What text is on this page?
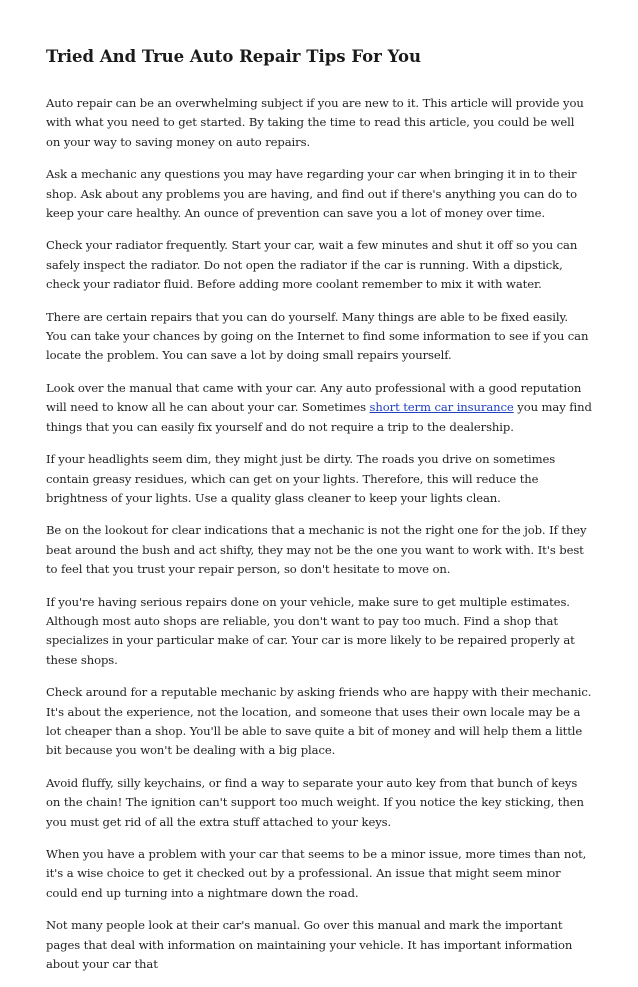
Tried And True Auto Repair Tips For You

Auto repair can be an overwhelming subject if you are new to it. This article will provide you with what you need to get started. By taking the time to read this article, you could be well on your way to saving money on auto repairs.

Ask a mechanic any questions you may have regarding your car when bringing it in to their shop. Ask about any problems you are having, and find out if there's anything you can do to keep your care healthy. An ounce of prevention can save you a lot of money over time.

Check your radiator frequently. Start your car, wait a few minutes and shut it off so you can safely inspect the radiator. Do not open the radiator if the car is running. With a dipstick, check your radiator fluid. Before adding more coolant remember to mix it with water.

There are certain repairs that you can do yourself. Many things are able to be fixed easily. You can take your chances by going on the Internet to find some information to see if you can locate the problem. You can save a lot by doing small repairs yourself.

Look over the manual that came with your car. Any auto professional with a good reputation will need to know all he can about your car. Sometimes short term car insurance you may find things that you can easily fix yourself and do not require a trip to the dealership.

If your headlights seem dim, they might just be dirty. The roads you drive on sometimes contain greasy residues, which can get on your lights. Therefore, this will reduce the brightness of your lights. Use a quality glass cleaner to keep your lights clean.

Be on the lookout for clear indications that a mechanic is not the right one for the job. If they beat around the bush and act shifty, they may not be the one you want to work with. It's best to feel that you trust your repair person, so don't hesitate to move on.

If you're having serious repairs done on your vehicle, make sure to get multiple estimates. Although most auto shops are reliable, you don't want to pay too much. Find a shop that specializes in your particular make of car. Your car is more likely to be repaired properly at these shops.

Check around for a reputable mechanic by asking friends who are happy with their mechanic. It's about the experience, not the location, and someone that uses their own locale may be a lot cheaper than a shop. You'll be able to save quite a bit of money and will help them a little bit because you won't be dealing with a big place.

Avoid fluffy, silly keychains, or find a way to separate your auto key from that bunch of keys on the chain! The ignition can't support too much weight. If you notice the key sticking, then you must get rid of all the extra stuff attached to your keys.

When you have a problem with your car that seems to be a minor issue, more times than not, it's a wise choice to get it checked out by a professional. An issue that might seem minor could end up turning into a nightmare down the road.

Not many people look at their car's manual. Go over this manual and mark the important pages that deal with information on maintaining your vehicle. It has important information about your car that
